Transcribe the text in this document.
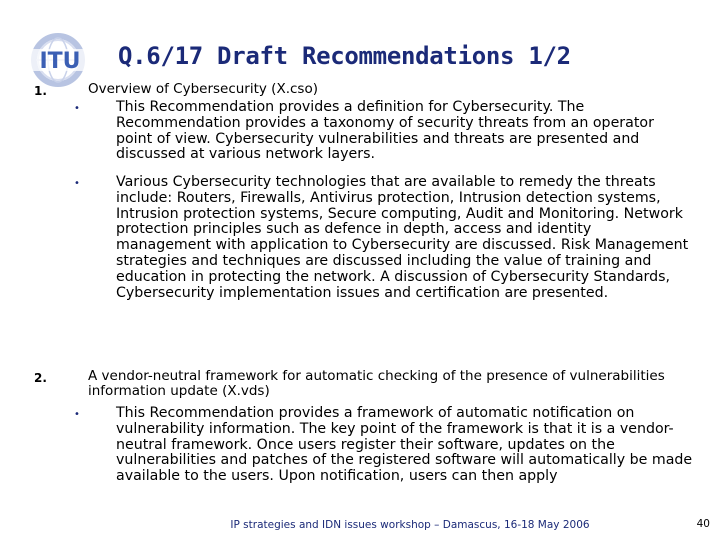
ITU Q.6/17 Draft Recommendations 1/2
1.	Overview of Cybersecurity (X.cso)
•	This Recommendation provides a definition for Cybersecurity. The Recommendation provides a taxonomy of security threats from an operator point of view. Cybersecurity vulnerabilities and threats are presented and discussed at various network layers.
•	Various Cybersecurity technologies that are available to remedy the threats include: Routers, Firewalls, Antivirus protection, Intrusion detection systems, Intrusion protection systems, Secure computing, Audit and Monitoring. Network protection principles such as defence in depth, access and identity management with application to Cybersecurity are discussed. Risk Management strategies and techniques are discussed including the value of training and education in protecting the network. A discussion of Cybersecurity Standards, Cybersecurity implementation issues and certification are presented.
2.	A vendor-neutral framework for automatic checking of the presence of vulnerabilities information update (X.vds)
•	This Recommendation provides a framework of automatic notification on vulnerability information. The key point of the framework is that it is a vendor-neutral framework. Once users register their software, updates on the vulnerabilities and patches of the registered software will automatically be made available to the users. Upon notification, users can then apply
IP strategies and IDN issues workshop – Damascus, 16-18 May 2006	40
